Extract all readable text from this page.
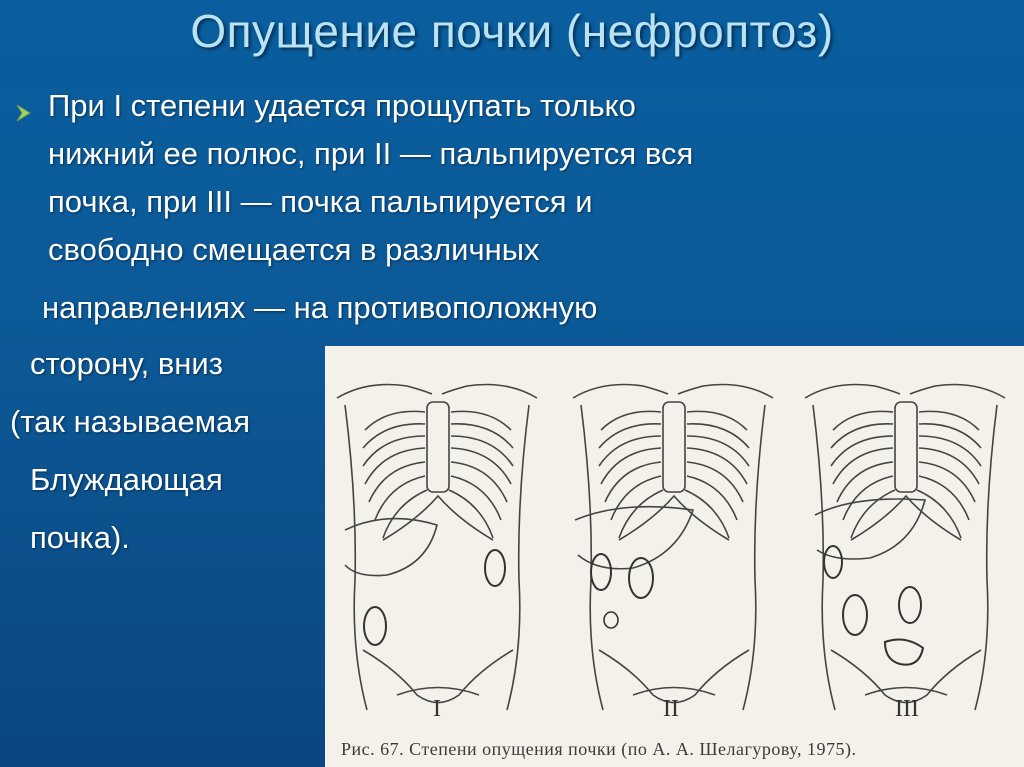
Опущение почки (нефроптоз)
При I степени удается прощупать только
нижний ее полюс, при II — пальпируется вся
почка, при III — почка пальпируется и
свободно смещается в различных
направлениях — на противоположную
сторону, вниз
(так называемая
Блуждающая
почка).
I	II	III
Рис. 67. Степени опущения почки (по А. А. Шелагурову, 1975).
